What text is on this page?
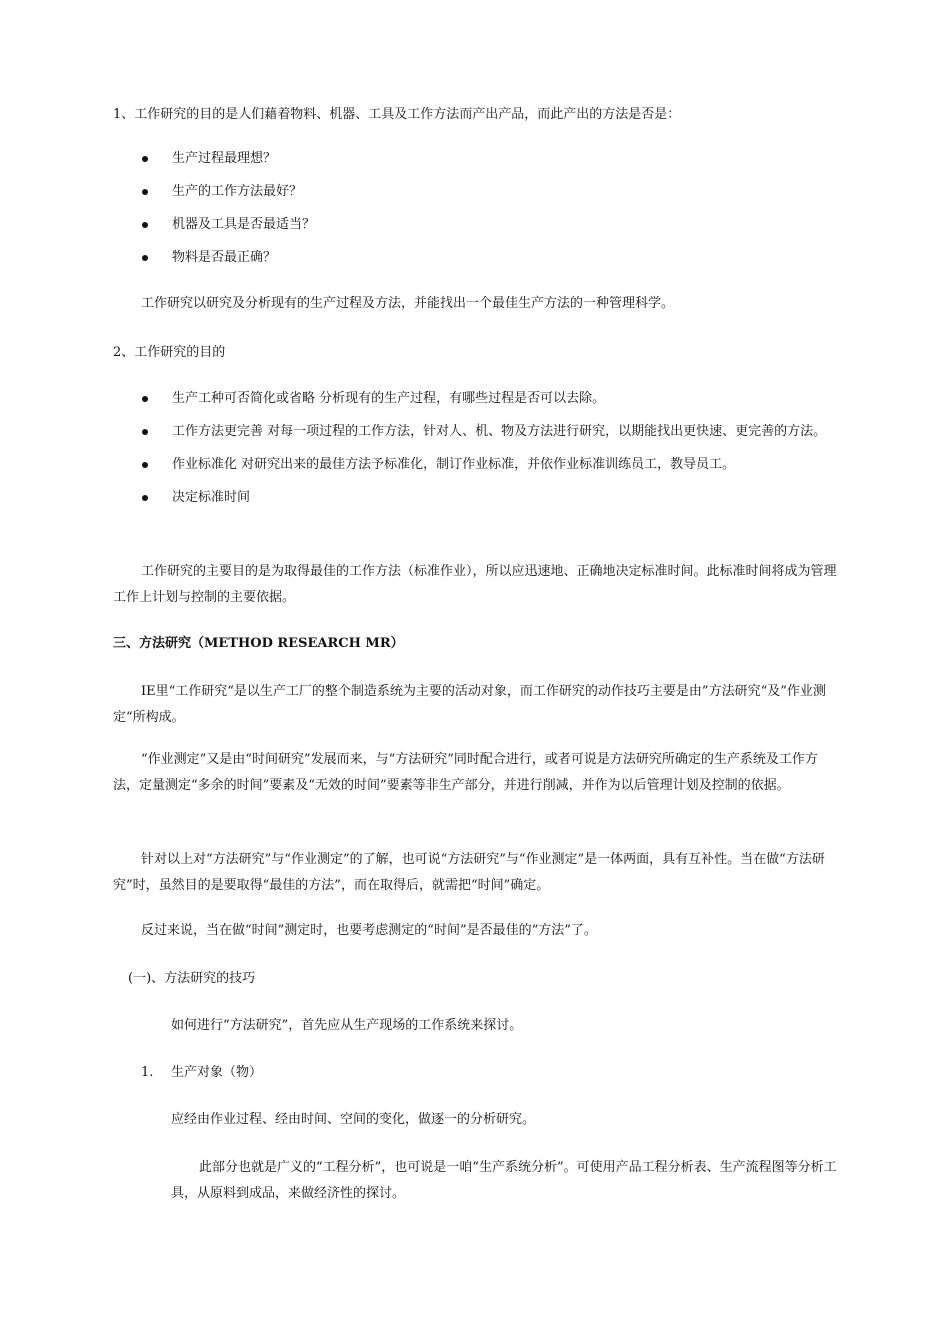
1、工作研究的目的是人们藉着物料、机器、工具及工作方法而产出产品，而此产出的方法是否是：

生产过程最理想？
生产的工作方法最好？
机器及工具是否最适当？
物料是否最正确？

工作研究以研究及分析现有的生产过程及方法，并能找出一个最佳生产方法的一种管理科学。

2、工作研究的目的

生产工种可否简化或省略 分析现有的生产过程，有哪些过程是否可以去除。
工作方法更完善 对每一项过程的工作方法，针对人、机、物及方法进行研究，以期能找出更快速、更完善的方法。
作业标准化 对研究出来的最佳方法予标准化，制订作业标准，并依作业标准训练员工，教导员工。
决定标准时间

工作研究的主要目的是为取得最佳的工作方法（标准作业），所以应迅速地、正确地决定标准时间。此标准时间将成为管理工作上计划与控制的主要依据。

三、方法研究（METHOD RESEARCH MR）

IE里“工作研究“是以生产工厂的整个制造系统为主要的活动对象，而工作研究的动作技巧主要是由”方法研究“及”作业测定“所构成。

“作业测定”又是由“时间研究”发展而来，与“方法研究”同时配合进行，或者可说是方法研究所确定的生产系统及工作方法，定量测定“多余的时间”要素及“无效的时间”要素等非生产部分，并进行削减，并作为以后管理计划及控制的依据。

针对以上对“方法研究”与“作业测定”的了解，也可说“方法研究”与“作业测定”是一体两面，具有互补性。当在做“方法研究”时，虽然目的是要取得“最佳的方法”，而在取得后，就需把“时间”确定。

反过来说，当在做“时间”测定时，也要考虑测定的“时间”是否最佳的“方法”了。

(一)、方法研究的技巧

如何进行“方法研究”，首先应从生产现场的工作系统来探讨。

1.	生产对象（物）

应经由作业过程、经由时间、空间的变化，做逐一的分析研究。

此部分也就是广义的“工程分析”，也可说是一咱“生产系统分析”。可使用产品工程分析表、生产流程图等分析工具，从原料到成品，来做经济性的探讨。
